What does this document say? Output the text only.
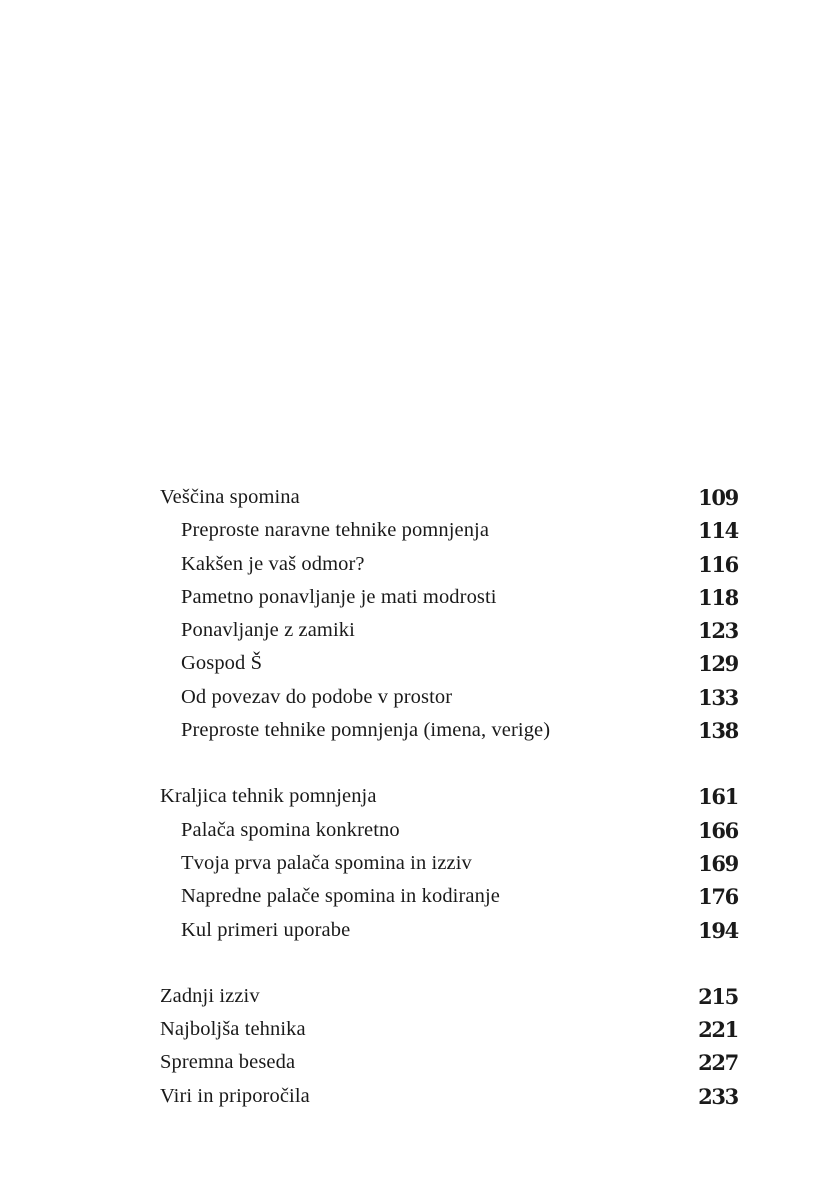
Veščina spomina	109
Preproste naravne tehnike pomnjenja	114
Kakšen je vaš odmor?	116
Pametno ponavljanje je mati modrosti	118
Ponavljanje z zamiki	123
Gospod Š	129
Od povezav do podobe v prostor	133
Preproste tehnike pomnjenja (imena, verige)	138
Kraljica tehnik pomnjenja	161
Palača spomina konkretno	166
Tvoja prva palača spomina in izziv	169
Napredne palače spomina in kodiranje	176
Kul primeri uporabe	194
Zadnji izziv	215
Najboljša tehnika	221
Spremna beseda	227
Viri in priporočila	233
